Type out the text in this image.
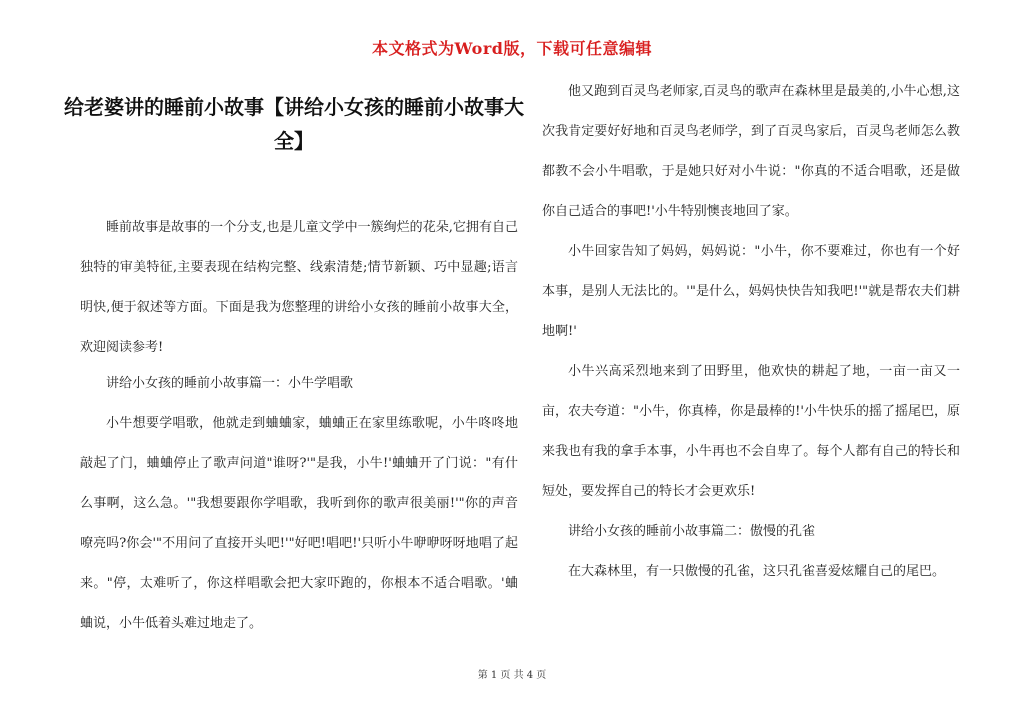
本文格式为Word版，下载可任意编辑
给老婆讲的睡前小故事【讲给小女孩的睡前小故事大全】
睡前故事是故事的一个分支,也是儿童文学中一簇绚烂的花朵,它拥有自己独特的审美特征,主要表现在结构完整、线索清楚;情节新颖、巧中显趣;语言明快,便于叙述等方面。下面是我为您整理的讲给小女孩的睡前小故事大全，欢迎阅读参考!
讲给小女孩的睡前小故事篇一：小牛学唱歌
小牛想要学唱歌，他就走到蛐蛐家，蛐蛐正在家里练歌呢，小牛咚咚地敲起了门，蛐蛐停止了歌声问道"谁呀?'"是我，小牛!'蛐蛐开了门说："有什么事啊，这么急。'"我想要跟你学唱歌，我听到你的歌声很美丽!'"你的声音嘹亮吗?你会'"不用问了直接开头吧!'"好吧!唱吧!'只听小牛咿咿呀呀地唱了起来。"停，太难听了，你这样唱歌会把大家吓跑的，你根本不适合唱歌。'蛐蛐说，小牛低着头难过地走了。
他又跑到百灵鸟老师家,百灵鸟的歌声在森林里是最美的,小牛心想,这次我肯定要好好地和百灵鸟老师学，到了百灵鸟家后，百灵鸟老师怎么教都教不会小牛唱歌，于是她只好对小牛说："你真的不适合唱歌，还是做你自己适合的事吧!'小牛特别懊丧地回了家。
小牛回家告知了妈妈，妈妈说："小牛，你不要难过，你也有一个好本事，是别人无法比的。'"是什么，妈妈快快告知我吧!'"就是帮农夫们耕地啊!'
小牛兴高采烈地来到了田野里，他欢快的耕起了地，一亩一亩又一亩，农夫夸道："小牛，你真棒，你是最棒的!'小牛快乐的摇了摇尾巴，原来我也有我的拿手本事，小牛再也不会自卑了。每个人都有自己的特长和短处，要发挥自己的特长才会更欢乐!
讲给小女孩的睡前小故事篇二：傲慢的孔雀
在大森林里，有一只傲慢的孔雀，这只孔雀喜爱炫耀自己的尾巴。
第 1 页 共 4 页
